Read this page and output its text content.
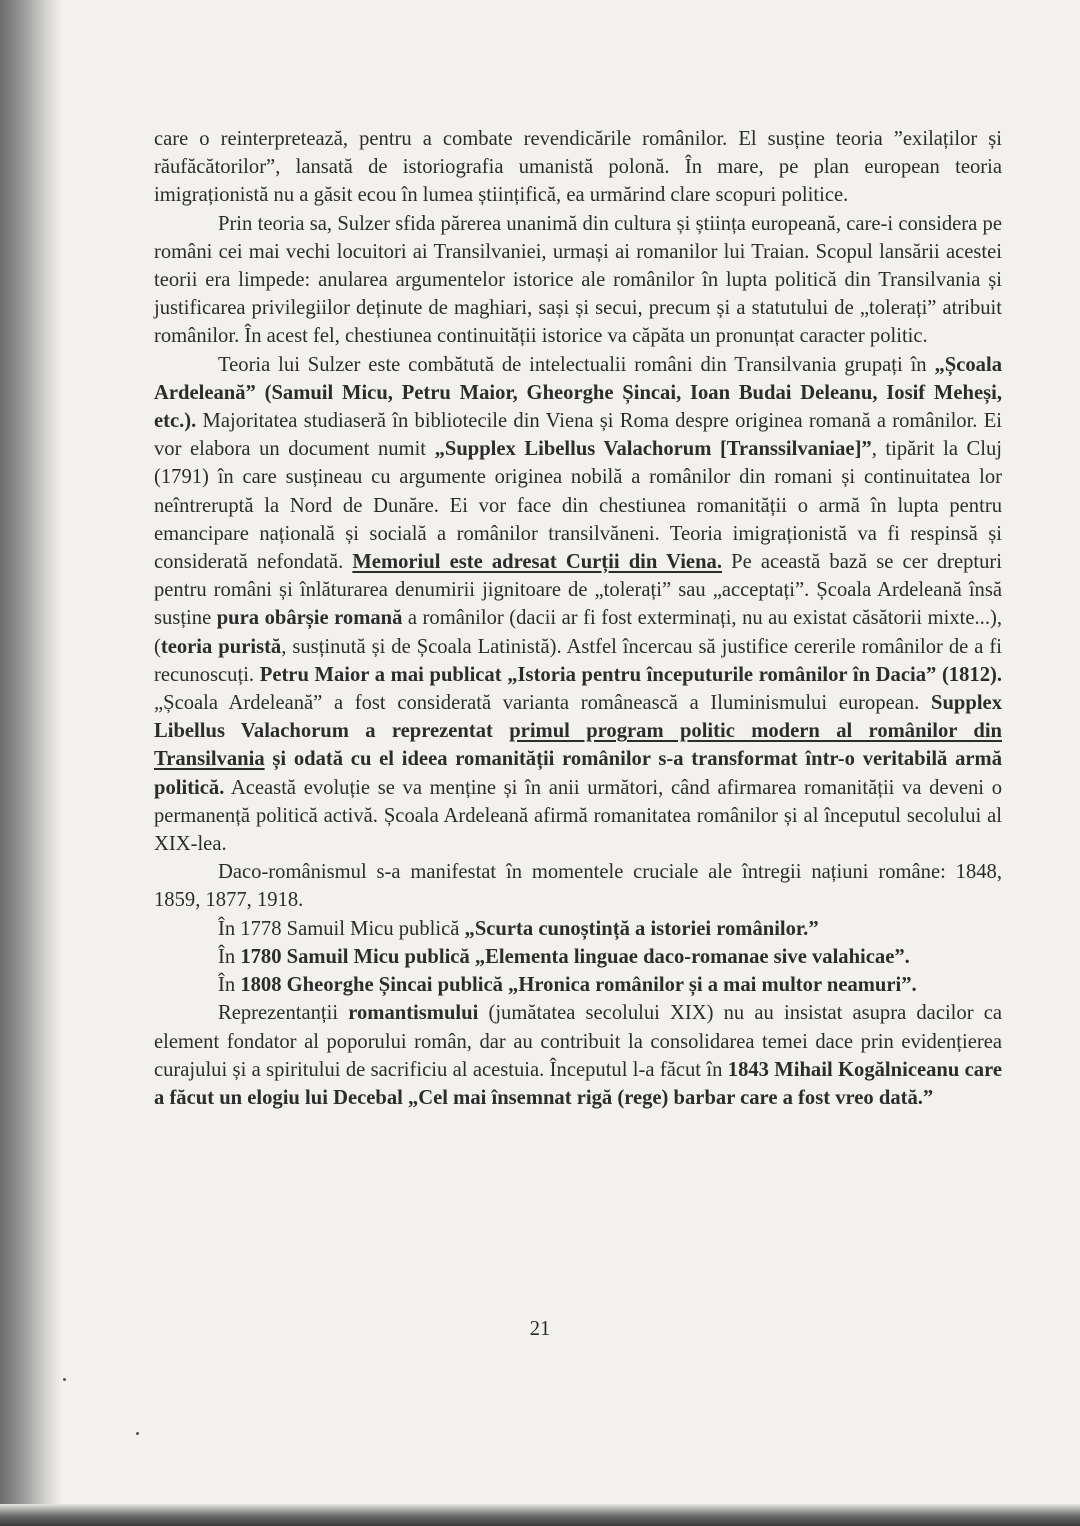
care o reinterpretează, pentru a combate revendicările românilor. El susține teoria ”exilaților și răufăcătorilor”, lansată de istoriografia umanistă polonă. În mare, pe plan european teoria imigraționistă nu a găsit ecou în lumea științifică, ea urmărind clare scopuri politice.

Prin teoria sa, Sulzer sfida părerea unanimă din cultura și știința europeană, care-i considera pe români cei mai vechi locuitori ai Transilvaniei, urmași ai romanilor lui Traian. Scopul lansării acestei teorii era limpede: anularea argumentelor istorice ale românilor în lupta politică din Transilvania și justificarea privilegiilor deținute de maghiari, sași și secui, precum și a statutului de „tolerați” atribuit românilor. În acest fel, chestiunea continuității istorice va căpăta un pronunțat caracter politic.

Teoria lui Sulzer este combătută de intelectualii români din Transilvania grupați în „Școala Ardeleană” (Samuil Micu, Petru Maior, Gheorghe Șincai, Ioan Budai Deleanu, Iosif Meheși, etc.). Majoritatea studiaseră în bibliotecile din Viena și Roma despre originea romană a românilor. Ei vor elabora un document numit „Supplex Libellus Valachorum [Transsilvaniae]”, tipărit la Cluj (1791) în care susțineau cu argumente originea nobilă a românilor din romani și continuitatea lor neîntreruptă la Nord de Dunăre. Ei vor face din chestiunea romanității o armă în lupta pentru emancipare națională și socială a românilor transilvăneni. Teoria imigraționistă va fi respinsă și considerată nefondată. Memoriul este adresat Curții din Viena. Pe această bază se cer drepturi pentru români și înlăturarea denumirii jignitoare de „tolerați” sau „acceptați”. Școala Ardeleană însă susține pura obârșie romană a românilor (dacii ar fi fost exterminați, nu au existat căsătorii mixte...),(teoria puristă, susținută și de Școala Latinistă). Astfel încercau să justifice cererile românilor de a fi recunoscuți. Petru Maior a mai publicat „Istoria pentru începuturile românilor în Dacia” (1812). „Școala Ardeleană” a fost considerată varianta românească a Iluminismului european. Supplex Libellus Valachorum a reprezentat primul program politic modern al românilor din Transilvania și odată cu el ideea romanității românilor s-a transformat într-o veritabilă armă politică. Această evoluție se va menține și în anii următori, când afirmarea romanității va deveni o permanență politică activă. Școala Ardeleană afirmă romanitatea românilor și al începutul secolului al XIX-lea.

Daco-românismul s-a manifestat în momentele cruciale ale întregii națiuni române: 1848, 1859, 1877, 1918.

În 1778 Samuil Micu publică „Scurta cunoștință a istoriei românilor.”

În 1780 Samuil Micu publică „Elementa linguae daco-romanae sive valahicae”.

În 1808 Gheorghe Șincai publică „Hronica românilor și a mai multor neamuri”.

Reprezentanții romantismului (jumătatea secolului XIX) nu au insistat asupra dacilor ca element fondator al poporului român, dar au contribuit la consolidarea temei dace prin evidențierea curajului și a spiritului de sacrificiu al acestuia. Începutul l-a făcut în 1843 Mihail Kogălniceanu care a făcut un elogiu lui Decebal „Cel mai însemnat rigă (rege) barbar care a fost vreo dată.”

21
